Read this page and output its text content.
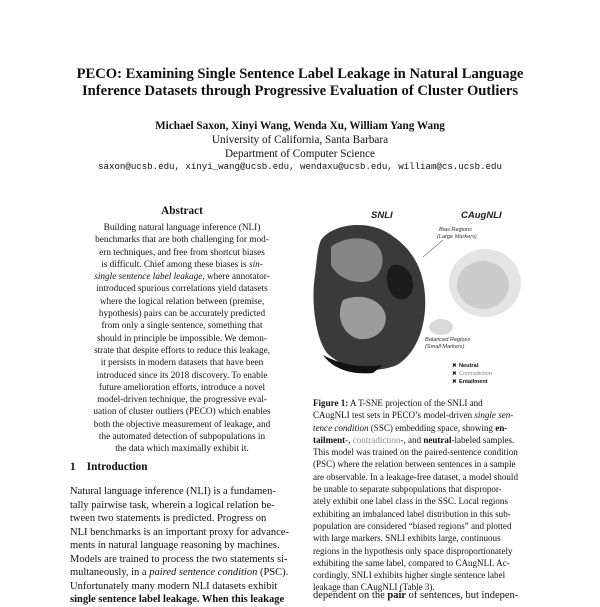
PECO: Examining Single Sentence Label Leakage in Natural Language
Inference Datasets through Progressive Evaluation of Cluster Outliers
Michael Saxon, Xinyi Wang, Wenda Xu, William Yang Wang
University of California, Santa Barbara
Department of Computer Science
saxon@ucsb.edu, xinyi_wang@ucsb.edu, wendaxu@ucsb.edu, william@cs.ucsb.edu
Abstract
Building natural language inference (NLI)
benchmarks that are both challenging for mod-
ern techniques, and free from shortcut biases
is difficult. Chief among these biases is sin-
single sentence label leakage, where annotator-
introduced spurious correlations yield datasets
where the logical relation between (premise,
hypothesis) pairs can be accurately predicted
from only a single sentence, something that
should in principle be impossible. We demon-
strate that despite efforts to reduce this leakage,
it persists in modern datasets that have been
introduced since its 2018 discovery. To enable
future amelioration efforts, introduce a novel
model-driven technique, the progressive eval-
uation of cluster outliers (PECO) which enables
both the objective measurement of leakage, and
the automated detection of subpopulations in
the data which maximally exhibit it.
1 Introduction
Natural language inference (NLI) is a fundamen-
tally pairwise task, wherein a logical relation be-
tween two statements is predicted. Progress on
NLI benchmarks is an important proxy for advance-
ments in natural language reasoning by machines.
Models are trained to process the two statements si-
multaneously, in a paired sentence condition (PSC).
Unfortunately many modern NLI datasets exhibit
single sentence label leakage. When this leakage
SNLI	CAugNLI
Bias Regions
(Large Markers)
Balanced Regions
(Small Markers)
✖ Neutral
✖ Contradiction
✖ Entailment
Figure 1: A T-SNE projection of the SNLI and
CAugNLI test sets in PECO’s model-driven single sen-
tence condition (SSC) embedding space, showing en-
tailment-, contradiction-, and neutral-labeled samples.
This model was trained on the paired-sentence condition
(PSC) where the relation between sentences in a sample
are observable. In a leakage-free dataset, a model should
be unable to separate subpopulations that dispropor-
ately exhibit one label class in the SSC. Local regions
exhibiting an imbalanced label distribution in this sub-
population are considered “biased regions” and plotted
with large markers. SNLI exhibits large, continuous
regions in the hypothesis only space disproportionately
exhibiting the same label, compared to CAugNLI. Ac-
cordingly, SNLI exhibits higher single sentence label
leakage than CAugNLI (Table 3).
dependent on the pair of sentences, but indepen-
